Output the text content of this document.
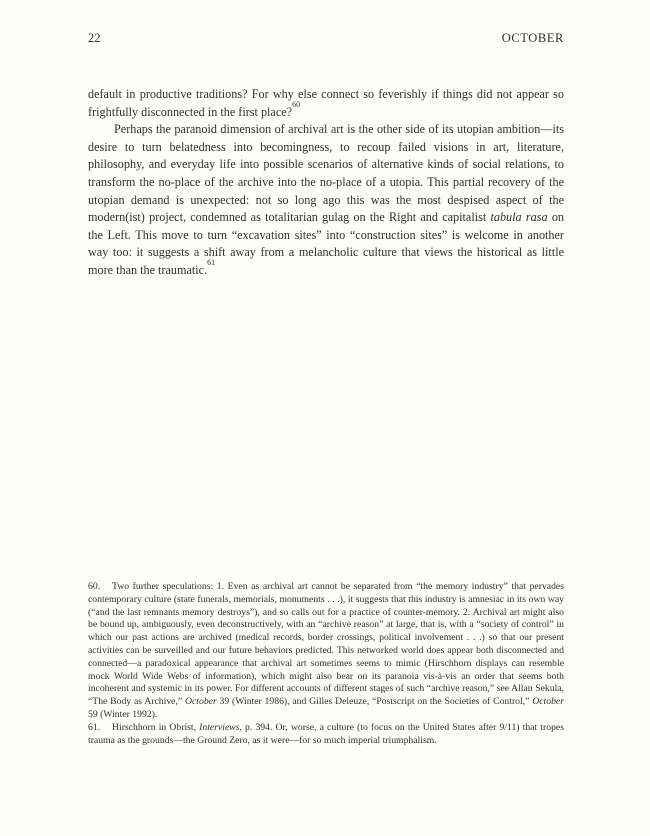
22	OCTOBER

default in productive traditions? For why else connect so feverishly if things did not appear so frightfully disconnected in the first place?$^{60}$

Perhaps the paranoid dimension of archival art is the other side of its utopian ambition—its desire to turn belatedness into becomingness, to recoup failed visions in art, literature, philosophy, and everyday life into possible scenarios of alternative kinds of social relations, to transform the no-place of the archive into the no-place of a utopia. This partial recovery of the utopian demand is unexpected: not so long ago this was the most despised aspect of the modern(ist) project, condemned as totalitarian gulag on the Right and capitalist tabula rasa on the Left. This move to turn “excavation sites” into “construction sites” is welcome in another way too: it suggests a shift away from a melancholic culture that views the historical as little more than the traumatic.$^{61}$

60. Two further speculations: 1. Even as archival art cannot be separated from “the memory industry” that pervades contemporary culture (state funerals, memorials, monuments . . .), it suggests that this industry is amnesiac in its own way (“and the last remnants memory destroys”), and so calls out for a practice of counter-memory. 2. Archival art might also be bound up, ambiguously, even deconstructively, with an “archive reason” at large, that is, with a “society of control” in which our past actions are archived (medical records, border crossings, political involvement . . .) so that our present activities can be surveilled and our future behaviors predicted. This networked world does appear both disconnected and connected—a paradoxical appearance that archival art sometimes seems to mimic (Hirschhorn displays can resemble mock World Wide Webs of information), which might also bear on its paranoia vis-à-vis an order that seems both incoherent and systemic in its power. For different accounts of different stages of such “archive reason,” see Allan Sekula, “The Body as Archive,” October 39 (Winter 1986), and Gilles Deleuze, “Postscript on the Societies of Control,” October 59 (Winter 1992).

61. Hirschhorn in Obrist, Interviews, p. 394. Or, worse, a culture (to focus on the United States after 9/11) that tropes trauma as the grounds—the Ground Zero, as it were—for so much imperial triumphalism.
